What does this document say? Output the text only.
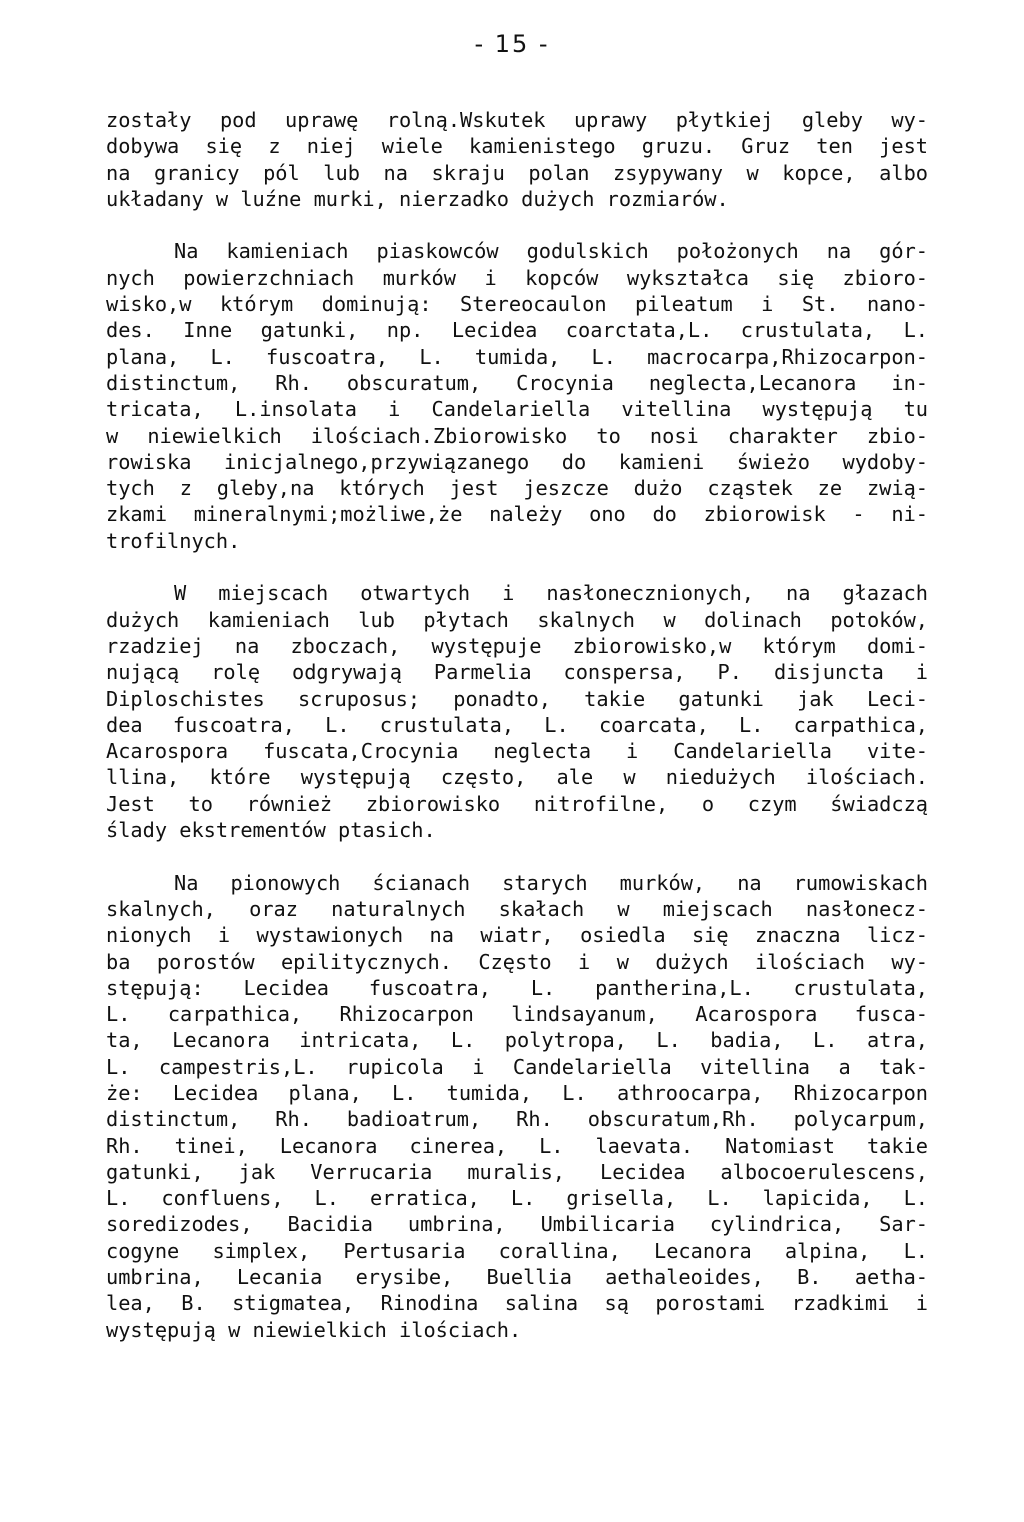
- 15 -

zostały pod uprawę rolną.Wskutek uprawy płytkiej gleby wy-
dobywa się z niej wiele kamienistego gruzu. Gruz ten jest
na granicy pól lub na skraju polan zsypywany w kopce, albo
układany w luźne murki, nierzadko dużych rozmiarów.

Na kamieniach piaskowców godulskich położonych na gór-
nych powierzchniach murków i kopców wykształca się zbioro-
wisko,w którym dominują: Stereocaulon pileatum i St. nano-
des. Inne gatunki, np. Lecidea coarctata,L. crustulata, L.
plana, L. fuscoatra, L. tumida, L. macrocarpa,Rhizocarpon-
distinctum, Rh. obscuratum, Crocynia neglecta,Lecanora in-
tricata, L.insolata i Candelariella vitellina występują tu
w niewielkich ilościach.Zbiorowisko to nosi charakter zbio-
rowiska inicjalnego,przywiązanego do kamieni świeżo wydoby-
tych z gleby,na których jest jeszcze dużo cząstek ze zwią-
zkami mineralnymi;możliwe,że należy ono do zbiorowisk - ni-
trofilnych.

W miejscach otwartych i nasłonecznionych, na głazach
dużych kamieniach lub płytach skalnych w dolinach potoków,
rzadziej na zboczach, występuje zbiorowisko,w którym domi-
nującą rolę odgrywają Parmelia conspersa, P. disjuncta i
Diploschistes scruposus; ponadto, takie gatunki jak Leci-
dea fuscoatra, L. crustulata, L. coarcata, L. carpathica,
Acarospora fuscata,Crocynia neglecta i Candelariella vite-
llina, które występują często, ale w niedużych ilościach.
Jest to również zbiorowisko nitrofilne, o czym świadczą
ślady ekstrementów ptasich.

Na pionowych ścianach starych murków, na rumowiskach
skalnych, oraz naturalnych skałach w miejscach nasłonecz-
nionych i wystawionych na wiatr, osiedla się znaczna licz-
ba porostów epilitycznych. Często i w dużych ilościach wy-
stępują: Lecidea fuscoatra, L. pantherina,L. crustulata,
L. carpathica, Rhizocarpon lindsayanum, Acarospora fusca-
ta, Lecanora intricata, L. polytropa, L. badia, L. atra,
L. campestris,L. rupicola i Candelariella vitellina a tak-
że: Lecidea plana, L. tumida, L. athroocarpa, Rhizocarpon
distinctum, Rh. badioatrum, Rh. obscuratum,Rh. polycarpum,
Rh. tinei, Lecanora cinerea, L. laevata. Natomiast takie
gatunki, jak Verrucaria muralis, Lecidea albocoerulescens,
L. confluens, L. erratica, L. grisella, L. lapicida, L.
soredizodes, Bacidia umbrina, Umbilicaria cylindrica, Sar-
cogyne simplex, Pertusaria corallina, Lecanora alpina, L.
umbrina, Lecania erysibe, Buellia aethaleoides, B. aetha-
lea, B. stigmatea, Rinodina salina są porostami rzadkimi i
występują w niewielkich ilościach.
